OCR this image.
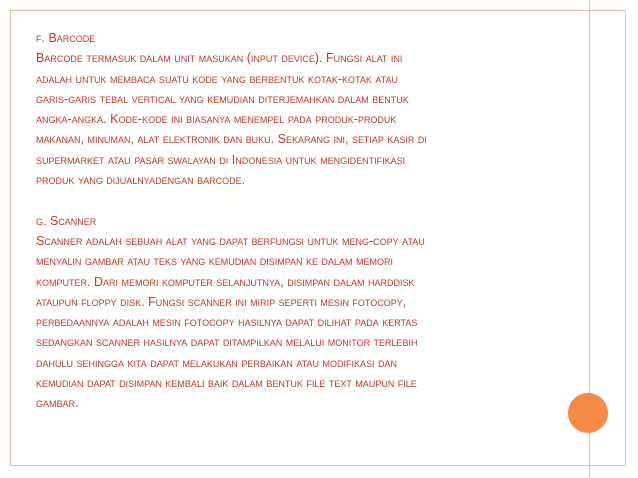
f. Barcode
Barcode termasuk dalam unit masukan (input device). Fungsi alat ini
adalah untuk membaca suatu kode yang berbentuk kotak-kotak atau
garis-garis tebal vertical yang kemudian diterjemahkan dalam bentuk
angka-angka. Kode-kode ini biasanya menempel pada produk-produk
makanan, minuman, alat elektronik dan buku. Sekarang ini, setiap kasir di
supermarket atau pasar swalayan di Indonesia untuk mengidentifikasi
produk yang dijualnyadengan barcode.
g. Scanner
Scanner adalah sebuah alat yang dapat berfungsi untuk meng-copy atau
menyalin gambar atau teks yang kemudian disimpan ke dalam memori
komputer. Dari memori komputer selanjutnya, disimpan dalam harddisk
ataupun floppy disk. Fungsi scanner ini mirip seperti mesin fotocopy,
perbedaannya adalah mesin fotocopy hasilnya dapat dilihat pada kertas
sedangkan scanner hasilnya dapat ditampilkan melalui monitor terlebih
dahulu sehingga kita dapat melakukan perbaikan atau modifikasi dan
kemudian dapat disimpan kembali baik dalam bentuk file text maupun file
gambar.
